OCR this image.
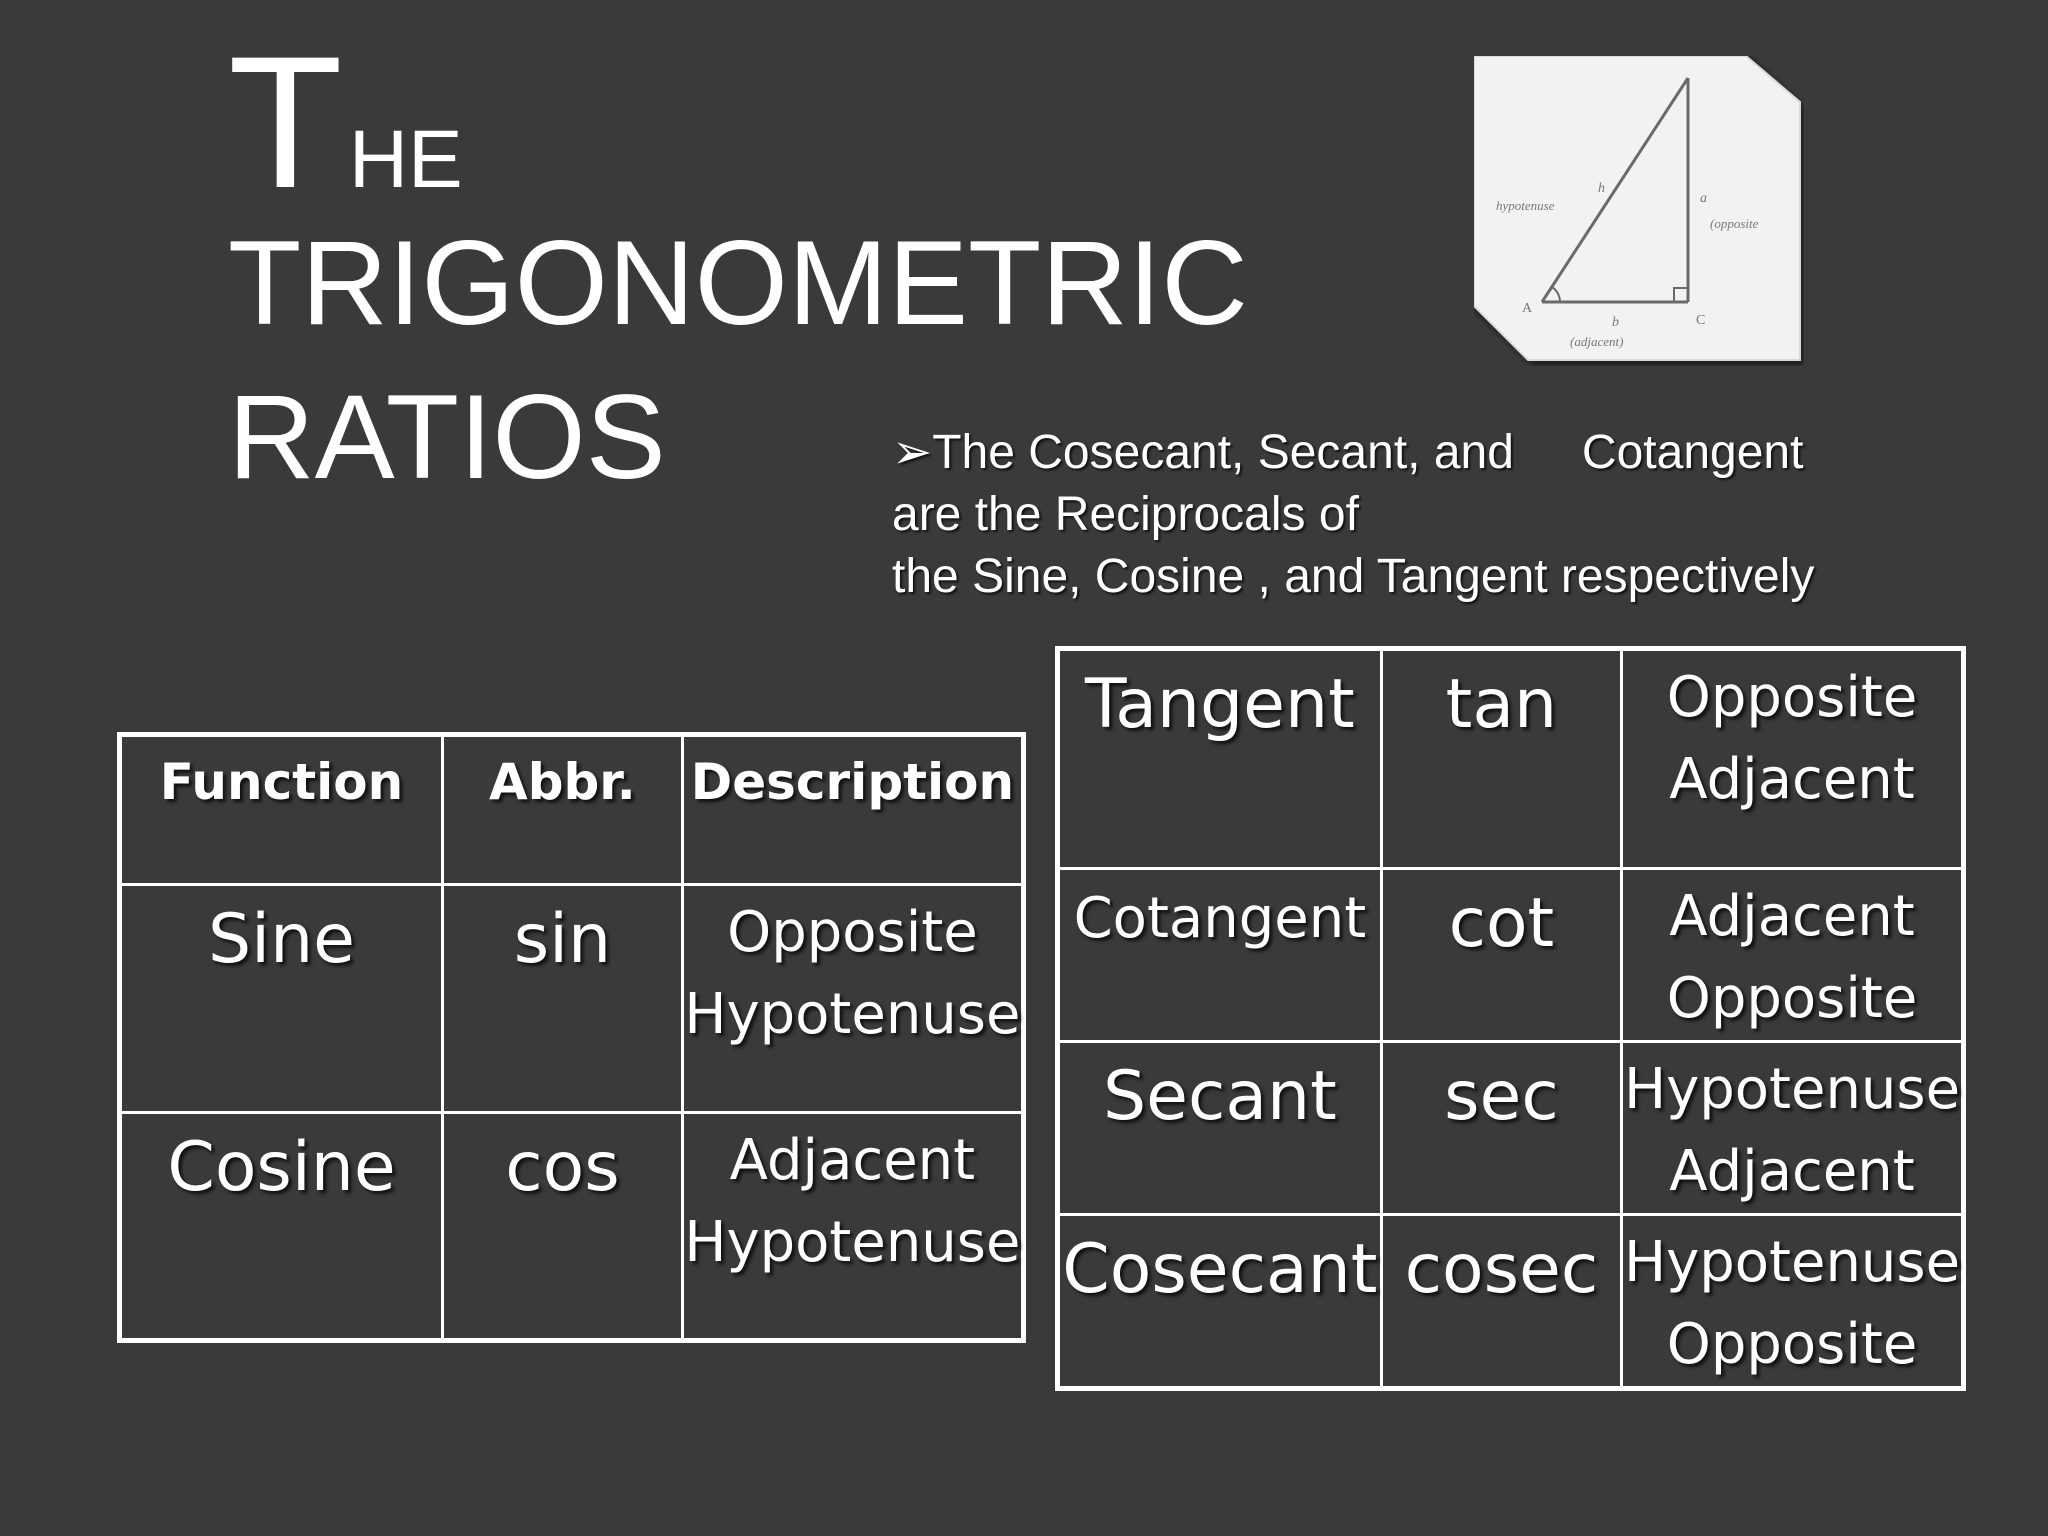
THE
TRIGONOMETRIC
RATIOS
hypotenuse
h
a
(opposite
A
b	C
(adjacent)
➢The Cosecant, Secant, and Cotangent
are the Reciprocals of
the Sine, Cosine , and Tangent respectively
Function	Abbr.	Description

Sine	sin	Opposite
Hypotenuse

Cosine	cos	Adjacent
Hypotenuse
Tangent	tan	Opposite
Adjacent

Cotangent	cot	Adjacent
Opposite

Secant	sec	Hypotenuse
Adjacent

Cosecant	cosec	Hypotenuse
Opposite
